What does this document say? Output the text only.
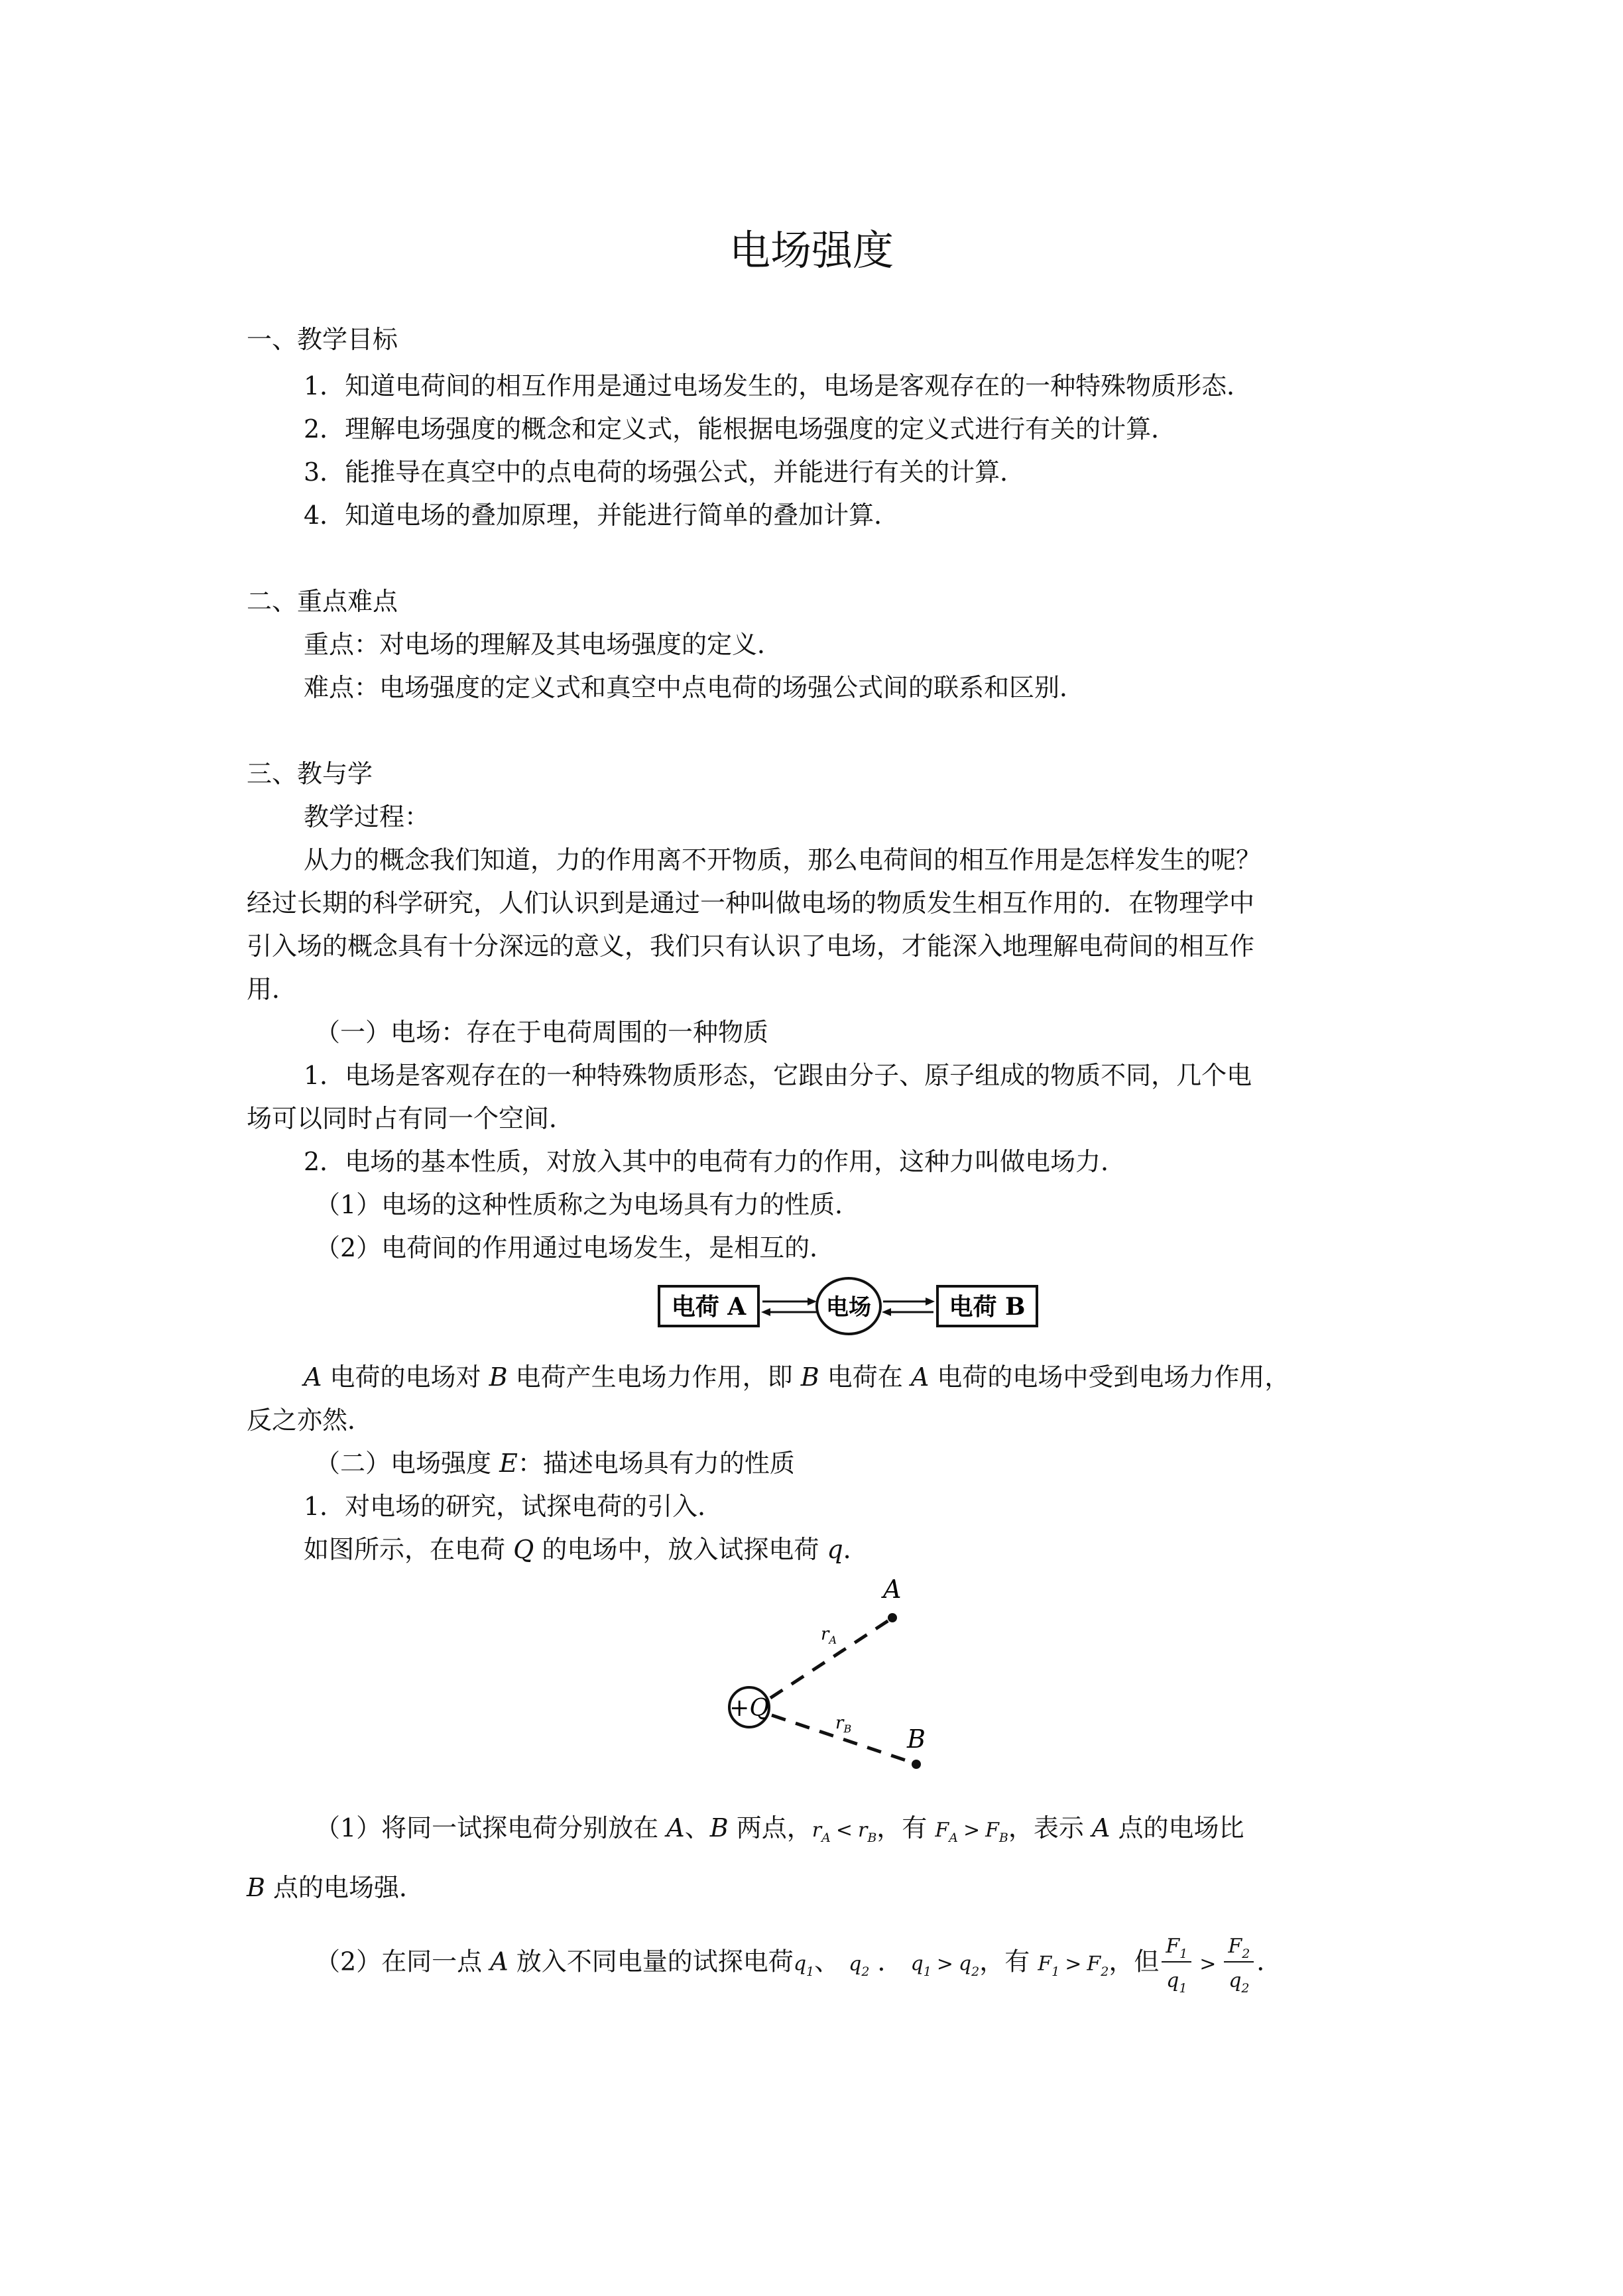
电场强度
一、教学目标
1．知道电荷间的相互作用是通过电场发生的，电场是客观存在的一种特殊物质形态．
2．理解电场强度的概念和定义式，能根据电场强度的定义式进行有关的计算．
3．能推导在真空中的点电荷的场强公式，并能进行有关的计算．
4．知道电场的叠加原理，并能进行简单的叠加计算．
二、重点难点
重点：对电场的理解及其电场强度的定义．
难点：电场强度的定义式和真空中点电荷的场强公式间的联系和区别．
三、教与学
教学过程：
从力的概念我们知道，力的作用离不开物质，那么电荷间的相互作用是怎样发生的呢？
经过长期的科学研究，人们认识到是通过一种叫做电场的物质发生相互作用的．在物理学中
引入场的概念具有十分深远的意义，我们只有认识了电场，才能深入地理解电荷间的相互作
用．
（一）电场：存在于电荷周围的一种物质
1．电场是客观存在的一种特殊物质形态，它跟由分子、原子组成的物质不同，几个电
场可以同时占有同一个空间．
2．电场的基本性质，对放入其中的电荷有力的作用，这种力叫做电场力．
（1）电场的这种性质称之为电场具有力的性质．
（2）电荷间的作用通过电场发生，是相互的．
电荷 A	电场	电荷 B
A 电荷的电场对 B 电荷产生电场力作用，即 B 电荷在 A 电荷的电场中受到电场力作用，
反之亦然．
（二）电场强度 E：描述电场具有力的性质
1．对电场的研究，试探电荷的引入．
如图所示，在电荷 Q 的电场中，放入试探电荷 q．
+Q
A
$r_A$
B
$r_B$
（1）将同一试探电荷分别放在 A、B 两点，$r_A < r_B$，有 $F_A > F_B$，表示 A 点的电场比
B 点的电场强．
（2）在同一点 A 放入不同电量的试探电荷$q_1$、 $q_2$ ． $q_1 > q_2$，有 $F_1 > F_2$，但 $\frac{F_1}{q_1} > \frac{F_2}{q_2}$ ．
